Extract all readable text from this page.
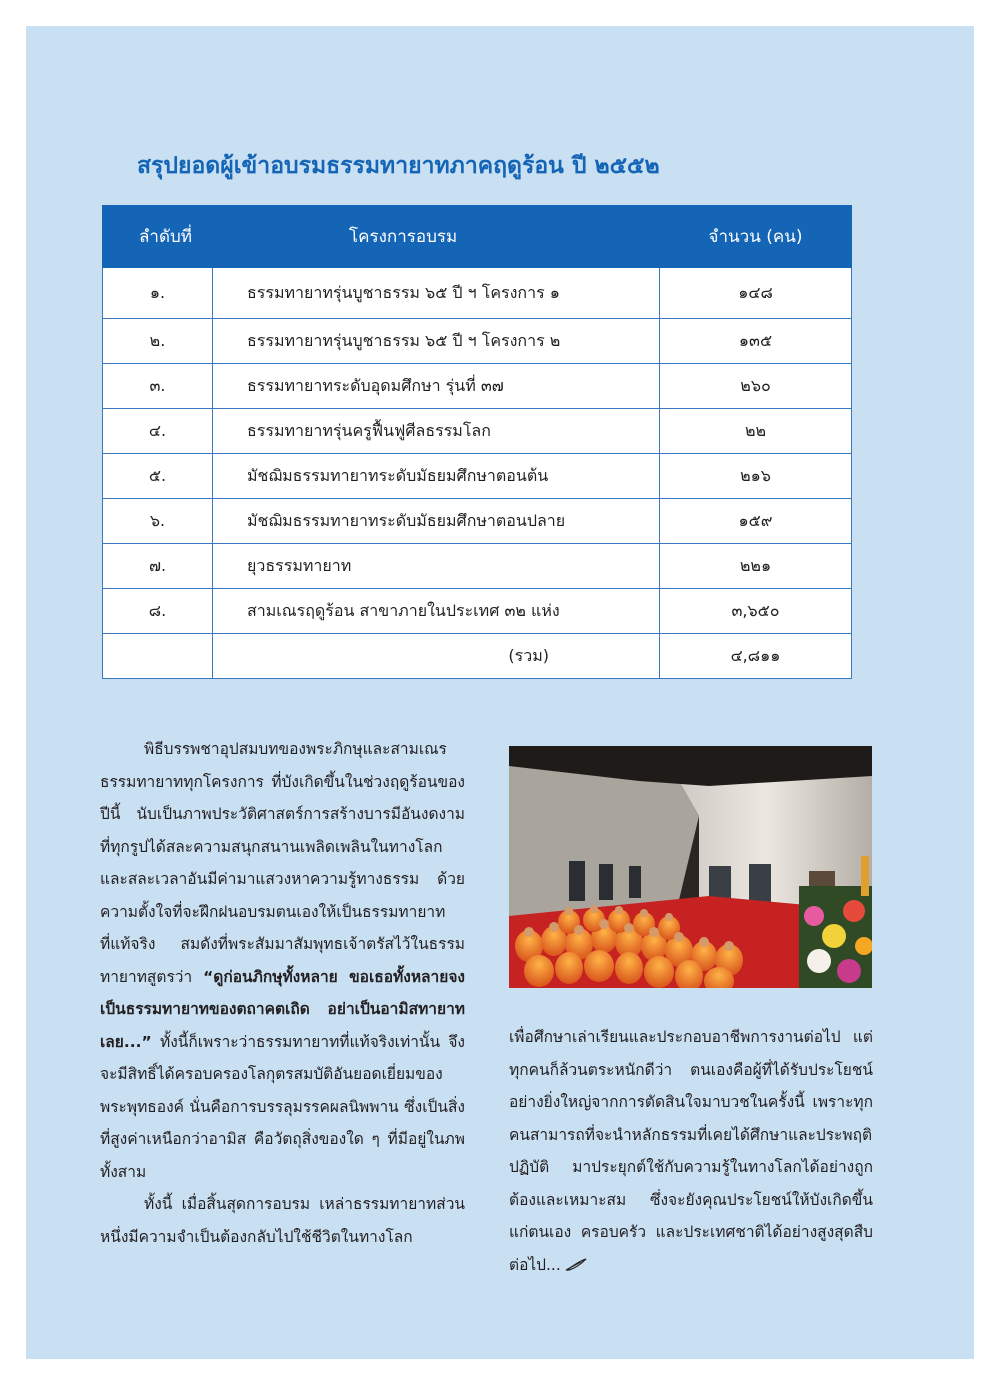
สรุปยอดผู้เข้าอบรมธรรมทายาทภาคฤดูร้อน ปี ๒๕๕๒
ลำดับที่	โครงการอบรม	จำนวน (คน)
๑.	ธรรมทายาทรุ่นบูชาธรรม ๖๕ ปี ฯ โครงการ ๑	๑๔๘
๒.	ธรรมทายาทรุ่นบูชาธรรม ๖๕ ปี ฯ โครงการ ๒	๑๓๕
๓.	ธรรมทายาทระดับอุดมศึกษา รุ่นที่ ๓๗	๒๖๐
๔.	ธรรมทายาทรุ่นครูฟื้นฟูศีลธรรมโลก	๒๒
๕.	มัชฌิมธรรมทายาทระดับมัธยมศึกษาตอนต้น	๒๑๖
๖.	มัชฌิมธรรมทายาทระดับมัธยมศึกษาตอนปลาย	๑๕๙
๗.	ยุวธรรมทายาท	๒๒๑
๘.	สามเณรฤดูร้อน สาขาภายในประเทศ ๓๒ แห่ง	๓,๖๕๐
	(รวม)	๔,๘๑๑

พิธีบรรพชาอุปสมบทของพระภิกษุและสามเณรธรรมทายาททุกโครงการ ที่บังเกิดขึ้นในช่วงฤดูร้อนของปีนี้ นับเป็นภาพประวัติศาสตร์การสร้างบารมีอันงดงาม ที่ทุกรูปได้สละความสนุกสนานเพลิดเพลินในทางโลก และสละเวลาอันมีค่ามาแสวงหาความรู้ทางธรรม ด้วยความตั้งใจที่จะฝึกฝนอบรมตนเองให้เป็นธรรมทายาทที่แท้จริง สมดังที่พระสัมมาสัมพุทธเจ้าตรัสไว้ในธรรมทายาทสูตรว่า “ดูก่อนภิกษุทั้งหลาย ขอเธอทั้งหลายจงเป็นธรรมทายาทของตถาคตเถิด อย่าเป็นอามิสทายาทเลย...” ทั้งนี้ก็เพราะว่าธรรมทายาทที่แท้จริงเท่านั้น จึงจะมีสิทธิ์ได้ครอบครองโลกุตรสมบัติอันยอดเยี่ยมของพระพุทธองค์ นั่นคือการบรรลุมรรคผลนิพพาน ซึ่งเป็นสิ่งที่สูงค่าเหนือกว่าอามิส คือวัตถุสิ่งของใด ๆ ที่มีอยู่ในภพทั้งสาม

ทั้งนี้ เมื่อสิ้นสุดการอบรม เหล่าธรรมทายาทส่วนหนึ่งมีความจำเป็นต้องกลับไปใช้ชีวิตในทางโลก

เพื่อศึกษาเล่าเรียนและประกอบอาชีพการงานต่อไป แต่ทุกคนก็ล้วนตระหนักดีว่า ตนเองคือผู้ที่ได้รับประโยชน์อย่างยิ่งใหญ่จากการตัดสินใจมาบวชในครั้งนี้ เพราะทุกคนสามารถที่จะนำหลักธรรมที่เคยได้ศึกษาและประพฤติปฏิบัติ มาประยุกต์ใช้กับความรู้ในทางโลกได้อย่างถูกต้องและเหมาะสม ซึ่งจะยังคุณประโยชน์ให้บังเกิดขึ้นแก่ตนเอง ครอบครัว และประเทศชาติได้อย่างสูงสุดสืบต่อไป...
